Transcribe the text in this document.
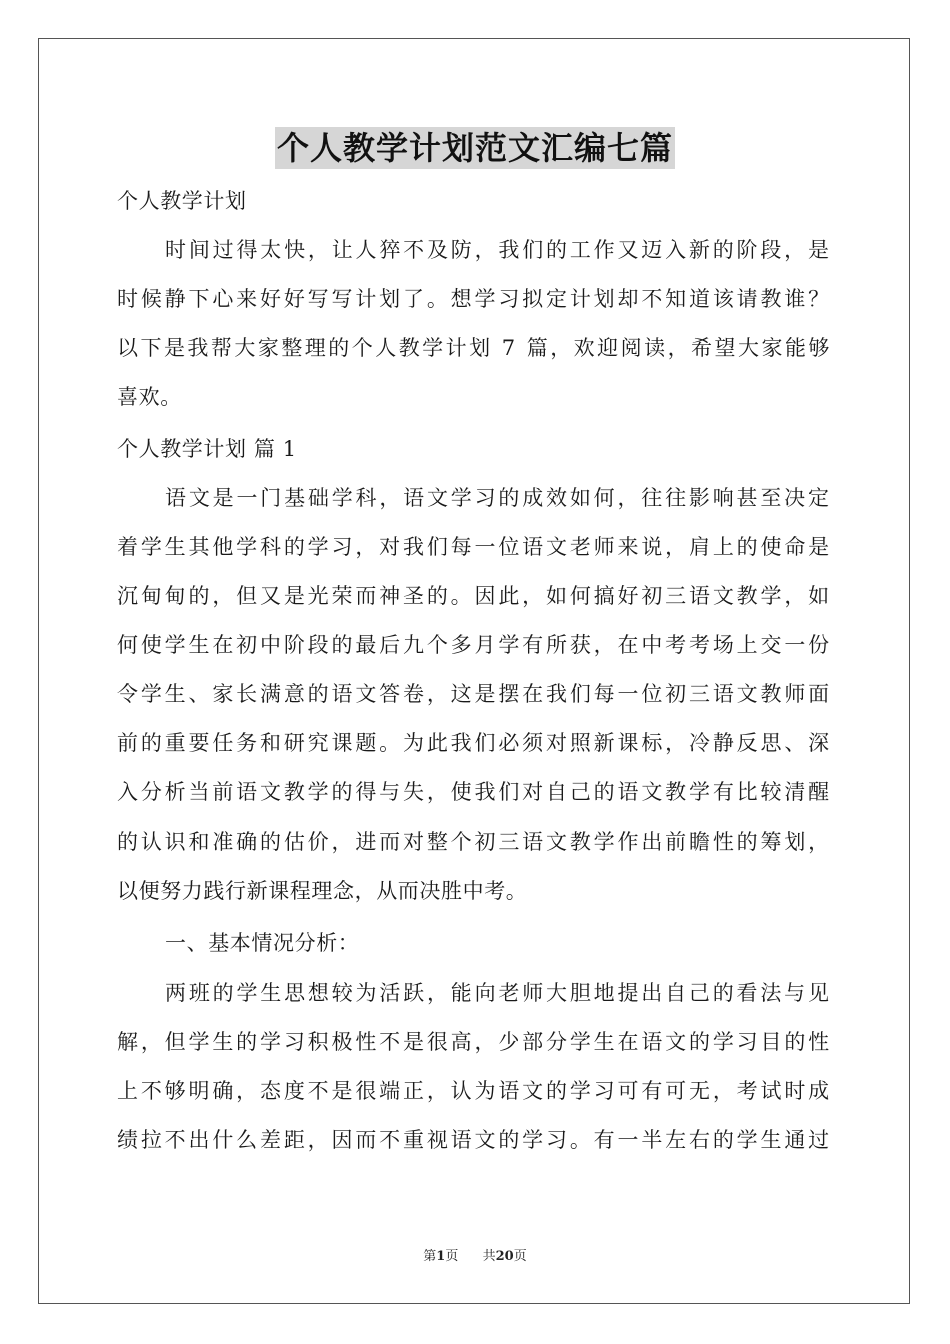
个人教学计划范文汇编七篇
个人教学计划
时间过得太快，让人猝不及防，我们的工作又迈入新的阶段，是
时候静下心来好好写写计划了。想学习拟定计划却不知道该请教谁？
以下是我帮大家整理的个人教学计划 7 篇，欢迎阅读，希望大家能够
喜欢。
个人教学计划 篇 1
语文是一门基础学科，语文学习的成效如何，往往影响甚至决定
着学生其他学科的学习，对我们每一位语文老师来说，肩上的使命是
沉甸甸的，但又是光荣而神圣的。因此，如何搞好初三语文教学，如
何使学生在初中阶段的最后九个多月学有所获，在中考考场上交一份
令学生、家长满意的语文答卷，这是摆在我们每一位初三语文教师面
前的重要任务和研究课题。为此我们必须对照新课标，冷静反思、深
入分析当前语文教学的得与失，使我们对自己的语文教学有比较清醒
的认识和准确的估价，进而对整个初三语文教学作出前瞻性的筹划，
以便努力践行新课程理念，从而决胜中考。
一、基本情况分析：
两班的学生思想较为活跃，能向老师大胆地提出自己的看法与见
解，但学生的学习积极性不是很高，少部分学生在语文的学习目的性
上不够明确，态度不是很端正，认为语文的学习可有可无，考试时成
绩拉不出什么差距，因而不重视语文的学习。有一半左右的学生通过
第1页 共20页
